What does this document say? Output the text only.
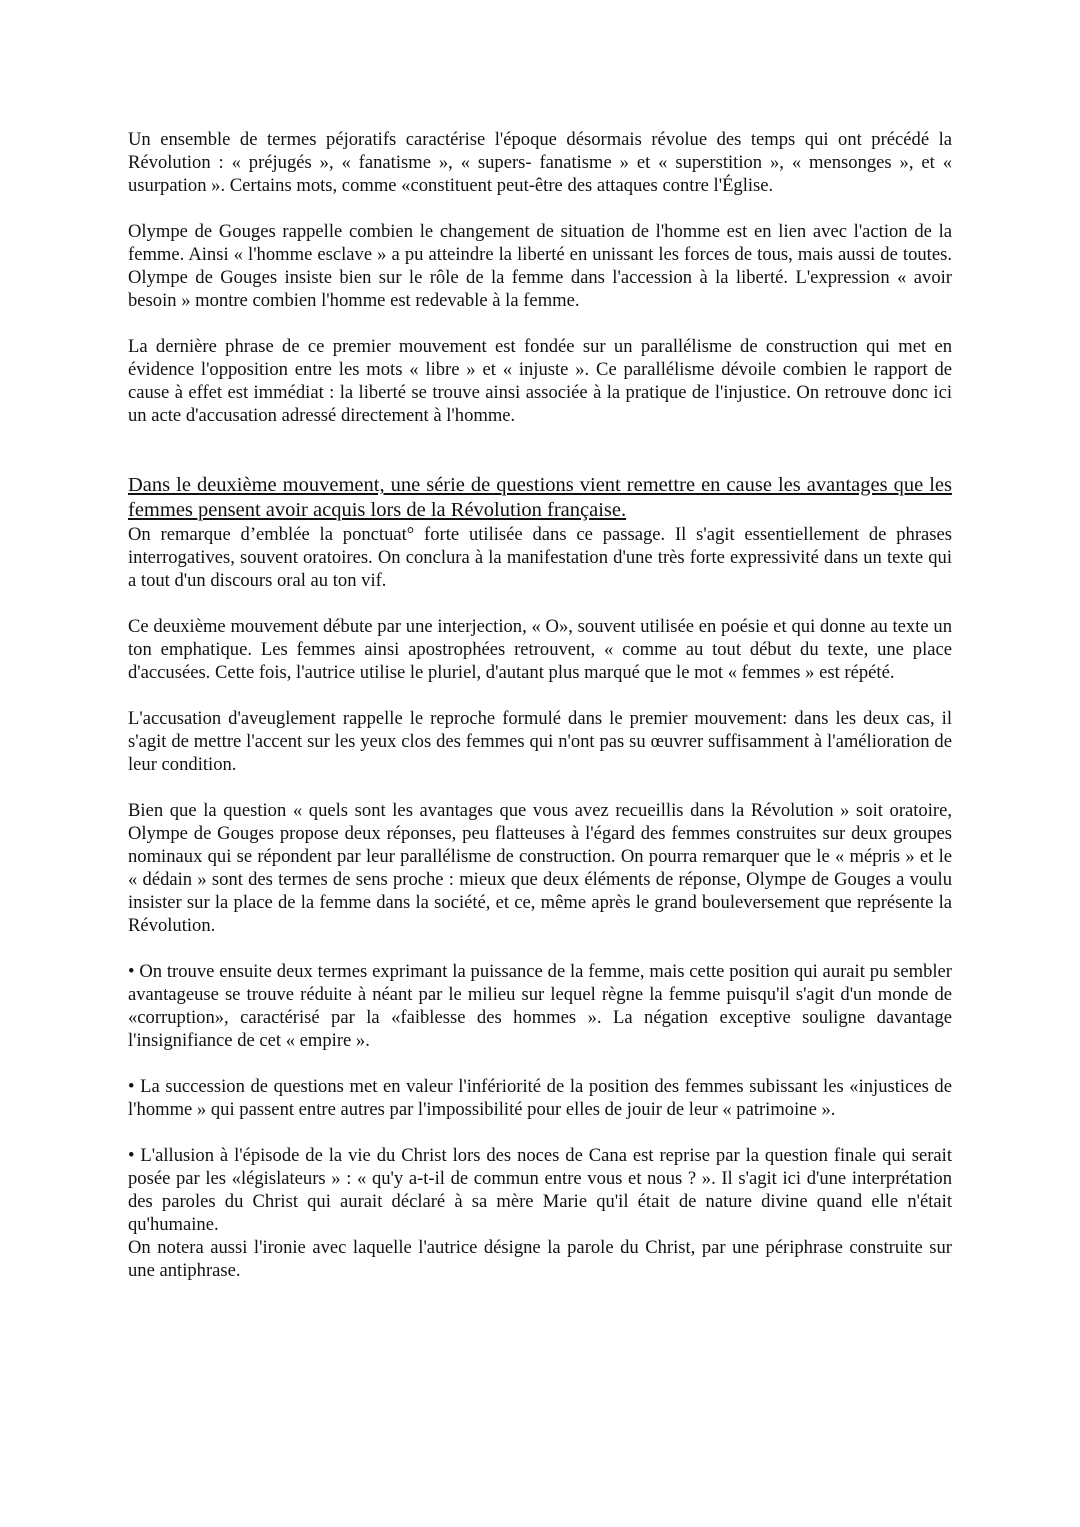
Un ensemble de termes péjoratifs caractérise l'époque désormais révolue des temps qui ont précédé la Révolution : « préjugés », « fanatisme », « supers- fanatisme » et « superstition », « mensonges », et « usurpation ». Certains mots, comme «constituent peut-être des attaques contre l'Église.

Olympe de Gouges rappelle combien le changement de situation de l'homme est en lien avec l'action de la femme. Ainsi « l'homme esclave » a pu atteindre la liberté en unissant les forces de tous, mais aussi de toutes. Olympe de Gouges insiste bien sur le rôle de la femme dans l'accession à la liberté. L'expression « avoir besoin » montre combien l'homme est redevable à la femme.

La dernière phrase de ce premier mouvement est fondée sur un parallélisme de construction qui met en évidence l'opposition entre les mots « libre » et « injuste ». Ce parallélisme dévoile combien le rapport de cause à effet est immédiat : la liberté se trouve ainsi associée à la pratique de l'injustice. On retrouve donc ici un acte d'accusation adressé directement à l'homme.

Dans le deuxième mouvement, une série de questions vient remettre en cause les avantages que les femmes pensent avoir acquis lors de la Révolution française.

On remarque d’emblée la ponctuat° forte utilisée dans ce passage. Il s'agit essentiellement de phrases interrogatives, souvent oratoires. On conclura à la manifestation d'une très forte expressivité dans un texte qui a tout d'un discours oral au ton vif.

Ce deuxième mouvement débute par une interjection, « O», souvent utilisée en poésie et qui donne au texte un ton emphatique. Les femmes ainsi apostrophées retrouvent, « comme au tout début du texte, une place d'accusées. Cette fois, l'autrice utilise le pluriel, d'autant plus marqué que le mot « femmes » est répété.

L'accusation d'aveuglement rappelle le reproche formulé dans le premier mouvement: dans les deux cas, il s'agit de mettre l'accent sur les yeux clos des femmes qui n'ont pas su œuvrer suffisamment à l'amélioration de leur condition.

Bien que la question « quels sont les avantages que vous avez recueillis dans la Révolution » soit oratoire, Olympe de Gouges propose deux réponses, peu flatteuses à l'égard des femmes construites sur deux groupes nominaux qui se répondent par leur parallélisme de construction. On pourra remarquer que le « mépris » et le « dédain » sont des termes de sens proche : mieux que deux éléments de réponse, Olympe de Gouges a voulu insister sur la place de la femme dans la société, et ce, même après le grand bouleversement que représente la Révolution.

• On trouve ensuite deux termes exprimant la puissance de la femme, mais cette position qui aurait pu sembler avantageuse se trouve réduite à néant par le milieu sur lequel règne la femme puisqu'il s'agit d'un monde de «corruption», caractérisé par la «faiblesse des hommes ». La négation exceptive souligne davantage l'insignifiance de cet « empire ».

• La succession de questions met en valeur l'infériorité de la position des femmes subissant les «injustices de l'homme » qui passent entre autres par l'impossibilité pour elles de jouir de leur « patrimoine ».

• L'allusion à l'épisode de la vie du Christ lors des noces de Cana est reprise par la question finale qui serait posée par les «législateurs » : « qu'y a-t-il de commun entre vous et nous ? ». Il s'agit ici d'une interprétation des paroles du Christ qui aurait déclaré à sa mère Marie qu'il était de nature divine quand elle n'était qu'humaine.

On notera aussi l'ironie avec laquelle l'autrice désigne la parole du Christ, par une périphrase construite sur une antiphrase.
